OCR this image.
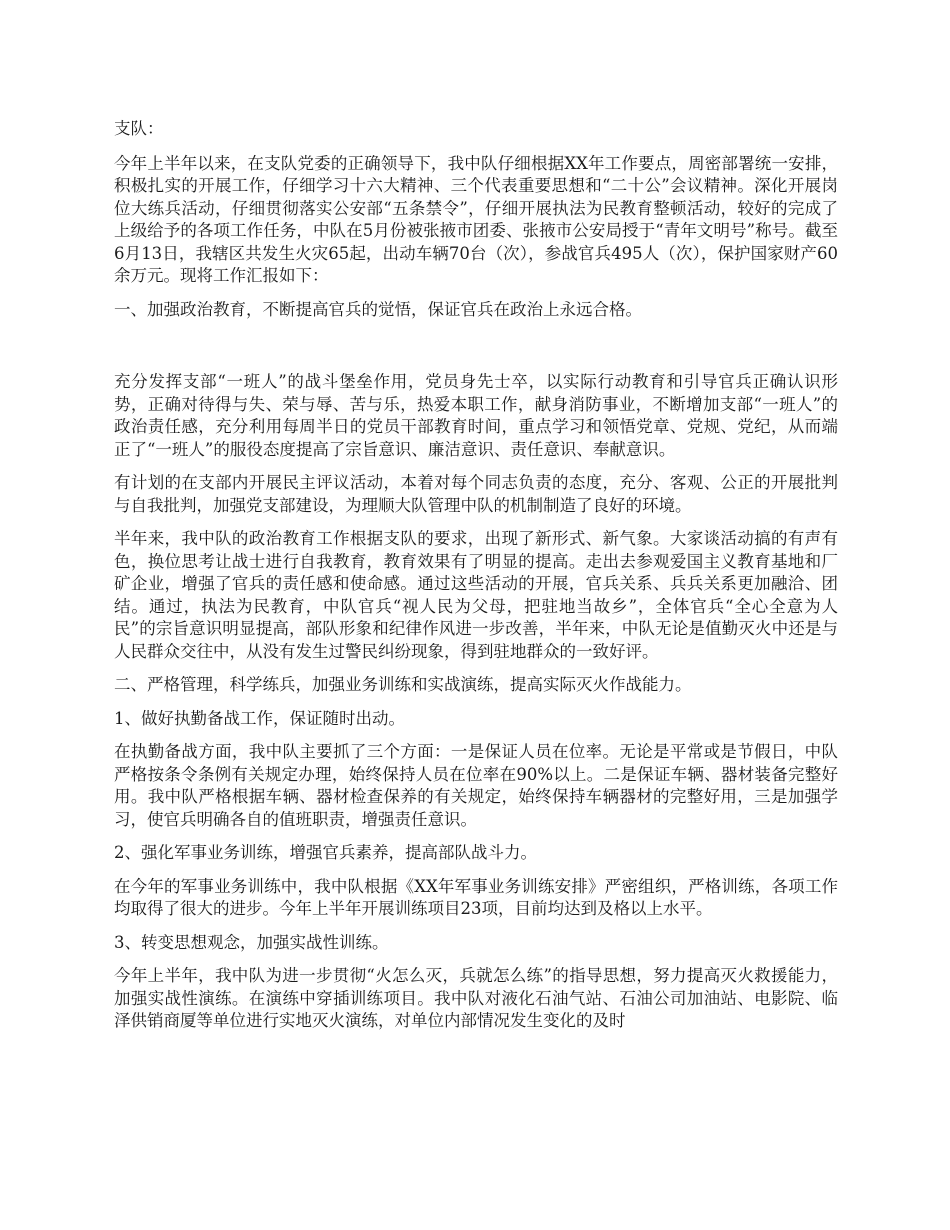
支队：

今年上半年以来，在支队党委的正确领导下，我中队仔细根据XX年工作要点，周密部署统一安排，积极扎实的开展工作，仔细学习十六大精神、三个代表重要思想和“二十公”会议精神。深化开展岗位大练兵活动，仔细贯彻落实公安部“五条禁令”，仔细开展执法为民教育整顿活动，较好的完成了上级给予的各项工作任务，中队在5月份被张掖市团委、张掖市公安局授于“青年文明号”称号。截至6月13日，我辖区共发生火灾65起，出动车辆70台（次），参战官兵495人（次），保护国家财产60余万元。现将工作汇报如下：

一、加强政治教育，不断提高官兵的觉悟，保证官兵在政治上永远合格。

充分发挥支部“一班人”的战斗堡垒作用，党员身先士卒，以实际行动教育和引导官兵正确认识形势，正确对待得与失、荣与辱、苦与乐，热爱本职工作，献身消防事业，不断增加支部“一班人”的政治责任感，充分利用每周半日的党员干部教育时间，重点学习和领悟党章、党规、党纪，从而端正了“一班人”的服役态度提高了宗旨意识、廉洁意识、责任意识、奉献意识。

有计划的在支部内开展民主评议活动，本着对每个同志负责的态度，充分、客观、公正的开展批判与自我批判，加强党支部建设，为理顺大队管理中队的机制制造了良好的环境。

半年来，我中队的政治教育工作根据支队的要求，出现了新形式、新气象。大家谈活动搞的有声有色，换位思考让战士进行自我教育，教育效果有了明显的提高。走出去参观爱国主义教育基地和厂矿企业，增强了官兵的责任感和使命感。通过这些活动的开展，官兵关系、兵兵关系更加融洽、团结。通过，执法为民教育，中队官兵“视人民为父母，把驻地当故乡”，全体官兵“全心全意为人民”的宗旨意识明显提高，部队形象和纪律作风进一步改善，半年来，中队无论是值勤灭火中还是与人民群众交往中，从没有发生过警民纠纷现象，得到驻地群众的一致好评。

二、严格管理，科学练兵，加强业务训练和实战演练，提高实际灭火作战能力。

1、做好执勤备战工作，保证随时出动。

在执勤备战方面，我中队主要抓了三个方面：一是保证人员在位率。无论是平常或是节假日，中队严格按条令条例有关规定办理，始终保持人员在位率在90%以上。二是保证车辆、器材装备完整好用。我中队严格根据车辆、器材检查保养的有关规定，始终保持车辆器材的完整好用，三是加强学习，使官兵明确各自的值班职责，增强责任意识。

2、强化军事业务训练，增强官兵素养，提高部队战斗力。

在今年的军事业务训练中，我中队根据《XX年军事业务训练安排》严密组织，严格训练，各项工作均取得了很大的进步。今年上半年开展训练项目23项，目前均达到及格以上水平。

3、转变思想观念，加强实战性训练。

今年上半年，我中队为进一步贯彻“火怎么灭，兵就怎么练”的指导思想，努力提高灭火救援能力，加强实战性演练。在演练中穿插训练项目。我中队对液化石油气站、石油公司加油站、电影院、临泽供销商厦等单位进行实地灭火演练，对单位内部情况发生变化的及时
